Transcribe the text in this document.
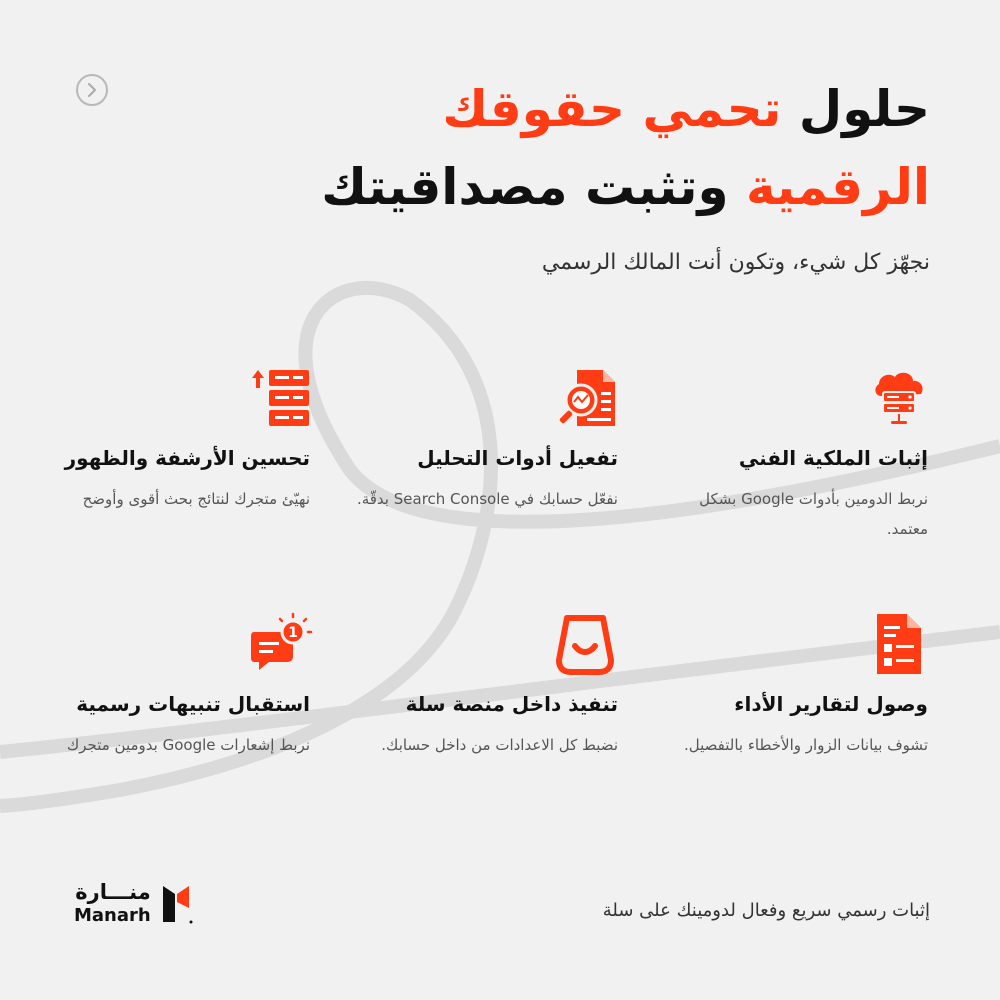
حلول تحمي حقوقك
الرقمية وتثبت مصداقيتك
نجهّز كل شيء، وتكون أنت المالك الرسمي
إثبات الملكية الفني
نربط الدومين بأدوات Google بشكل معتمد.
تفعيل أدوات التحليل
نفعّل حسابك في Search Console بدقّة.
تحسين الأرشفة والظهور
نهيّئ متجرك لنتائج بحث أقوى وأوضح
وصول لتقارير الأداء
تشوف بيانات الزوار والأخطاء بالتفصيل.
تنفيذ داخل منصة سلة
نضبط كل الاعدادات من داخل حسابك.
1
استقبال تنبيهات رسمية
نربط إشعارات Google بدومين متجرك
منـــارة
Manarh	إثبات رسمي سريع وفعال لدومينك على سلة
